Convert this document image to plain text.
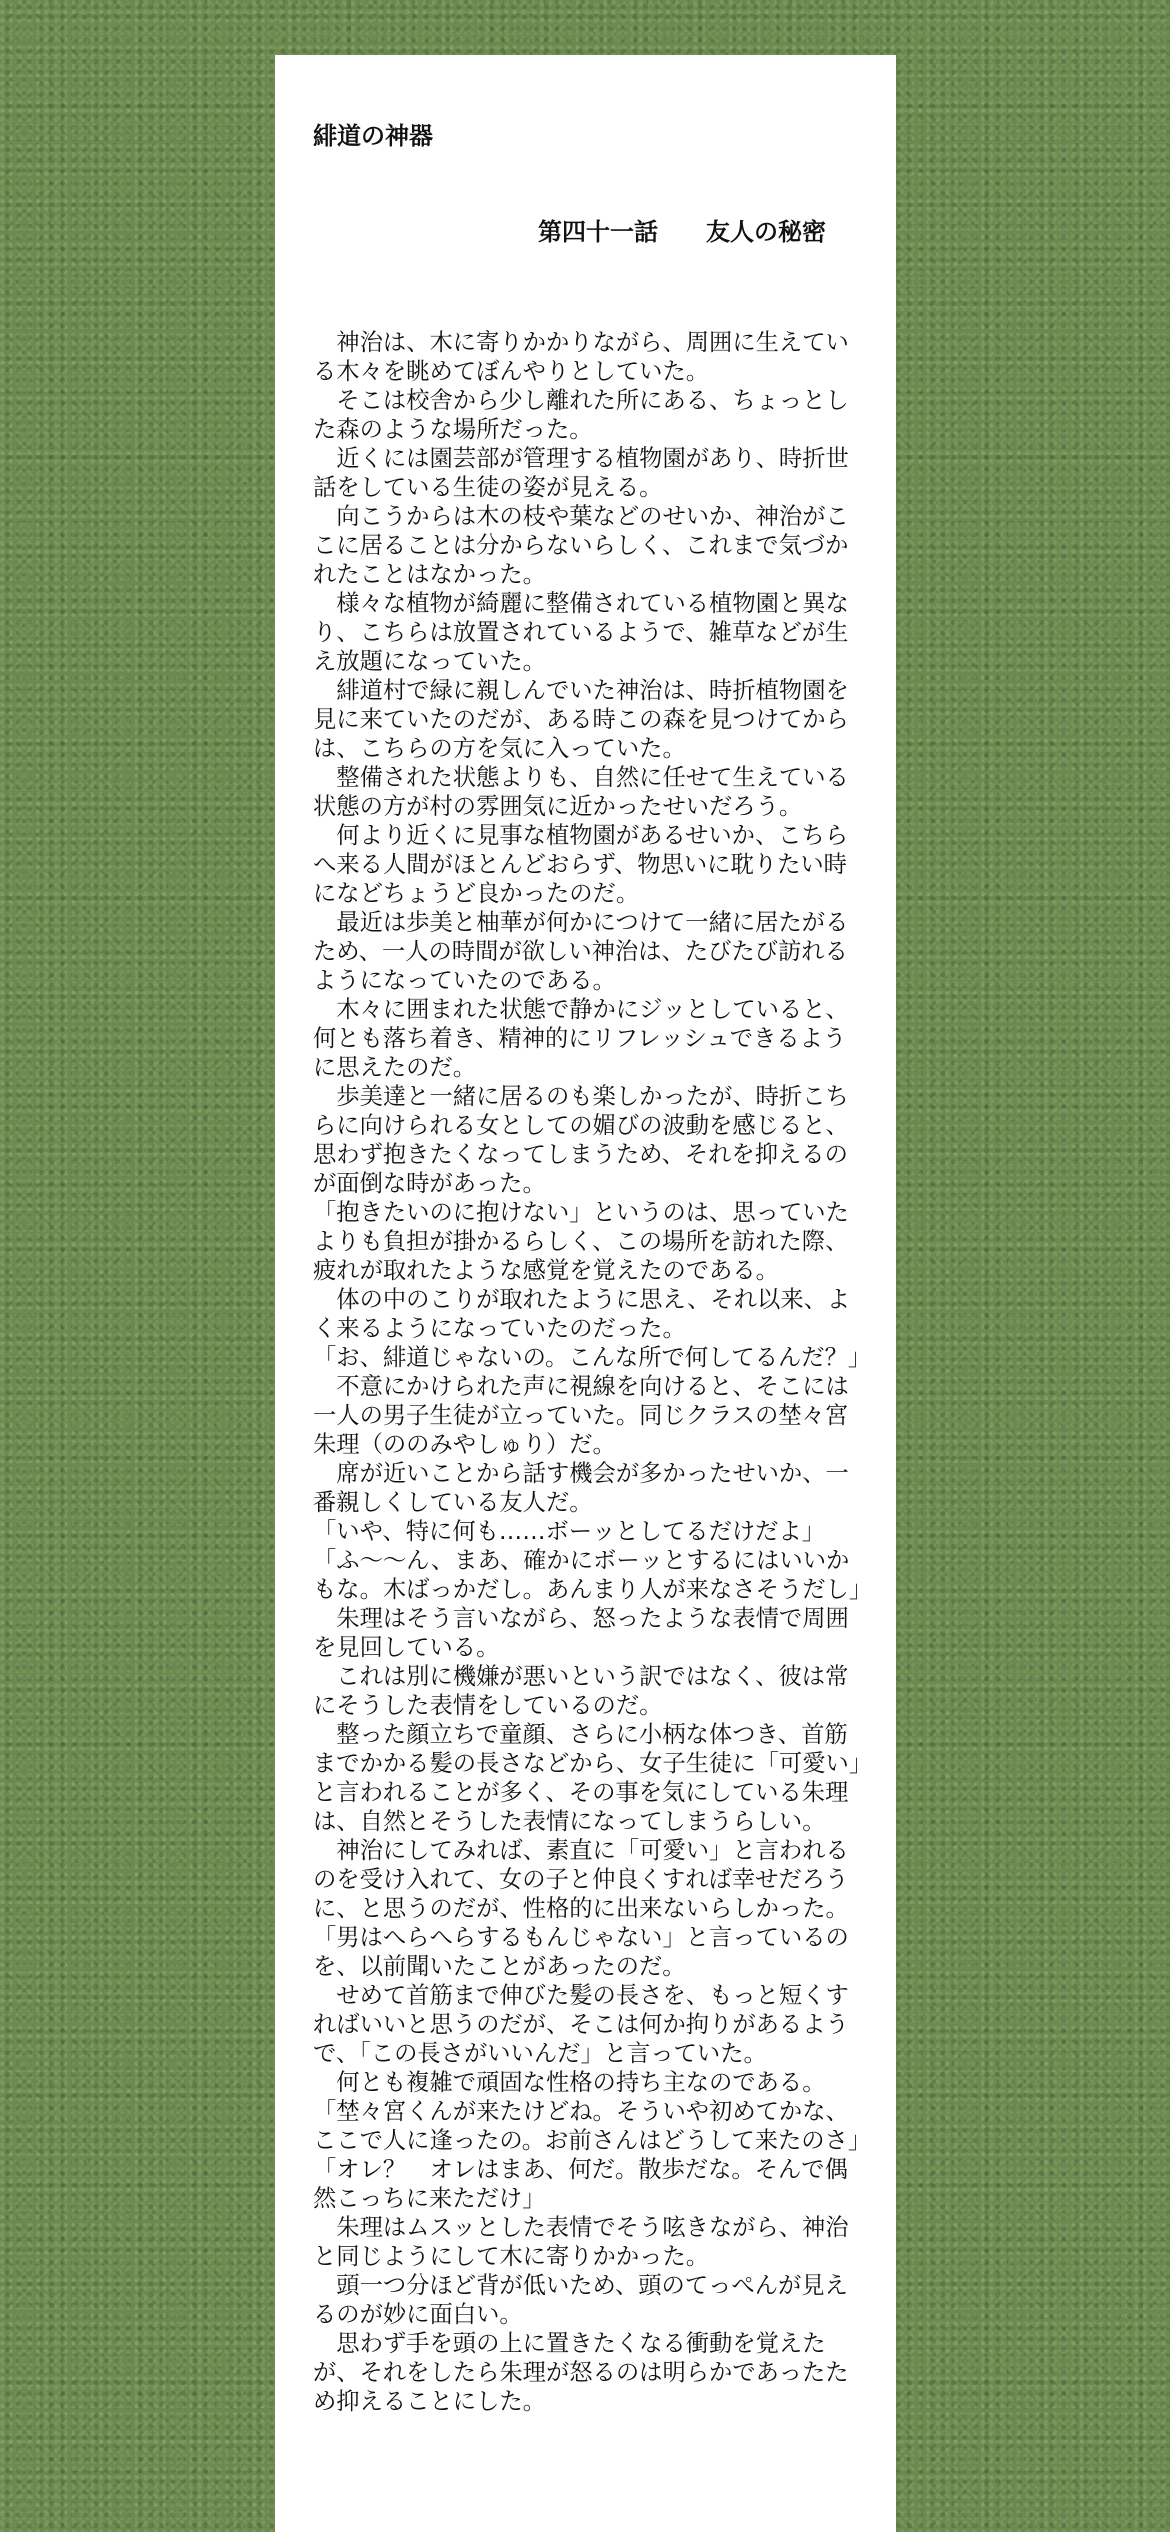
緋道の神器
第四十一話　　友人の秘密

　神治は、木に寄りかかりながら、周囲に生えている木々を眺めてぼんやりとしていた。

　そこは校舎から少し離れた所にある、ちょっとした森のような場所だった。

　近くには園芸部が管理する植物園があり、時折世話をしている生徒の姿が見える。

　向こうからは木の枝や葉などのせいか、神治がここに居ることは分からないらしく、これまで気づかれたことはなかった。

　様々な植物が綺麗に整備されている植物園と異なり、こちらは放置されているようで、雑草などが生え放題になっていた。

　緋道村で緑に親しんでいた神治は、時折植物園を見に来ていたのだが、ある時この森を見つけてからは、こちらの方を気に入っていた。

　整備された状態よりも、自然に任せて生えている状態の方が村の雰囲気に近かったせいだろう。

　何より近くに見事な植物園があるせいか、こちらへ来る人間がほとんどおらず、物思いに耽りたい時になどちょうど良かったのだ。

　最近は歩美と柚華が何かにつけて一緒に居たがるため、一人の時間が欲しい神治は、たびたび訪れるようになっていたのである。

　木々に囲まれた状態で静かにジッとしていると、何とも落ち着き、精神的にリフレッシュできるように思えたのだ。

　歩美達と一緒に居るのも楽しかったが、時折こちらに向けられる女としての媚びの波動を感じると、思わず抱きたくなってしまうため、それを抑えるのが面倒な時があった。

「抱きたいのに抱けない」というのは、思っていたよりも負担が掛かるらしく、この場所を訪れた際、疲れが取れたような感覚を覚えたのである。

　体の中のこりが取れたように思え、それ以来、よく来るようになっていたのだった。

「お、緋道じゃないの。こんな所で何してるんだ？」

　不意にかけられた声に視線を向けると、そこには一人の男子生徒が立っていた。同じクラスの埜々宮朱理（ののみやしゅり）だ。

　席が近いことから話す機会が多かったせいか、一番親しくしている友人だ。

「いや、特に何も……ボーッとしてるだけだよ」

「ふ～～ん、まあ、確かにボーッとするにはいいかもな。木ばっかだし。あんまり人が来なさそうだし」

　朱理はそう言いながら、怒ったような表情で周囲を見回している。

　これは別に機嫌が悪いという訳ではなく、彼は常にそうした表情をしているのだ。

　整った顔立ちで童顔、さらに小柄な体つき、首筋までかかる髪の長さなどから、女子生徒に「可愛い」と言われることが多く、その事を気にしている朱理は、自然とそうした表情になってしまうらしい。

　神治にしてみれば、素直に「可愛い」と言われるのを受け入れて、女の子と仲良くすれば幸せだろうに、と思うのだが、性格的に出来ないらしかった。「男はへらへらするもんじゃない」と言っているのを、以前聞いたことがあったのだ。

　せめて首筋まで伸びた髪の長さを、もっと短くすればいいと思うのだが、そこは何か拘りがあるようで、「この長さがいいんだ」と言っていた。

　何とも複雑で頑固な性格の持ち主なのである。

「埜々宮くんが来たけどね。そういや初めてかな、ここで人に逢ったの。お前さんはどうして来たのさ」

「オレ？　オレはまあ、何だ。散歩だな。そんで偶然こっちに来ただけ」

　朱理はムスッとした表情でそう呟きながら、神治と同じようにして木に寄りかかった。

　頭一つ分ほど背が低いため、頭のてっぺんが見えるのが妙に面白い。

　思わず手を頭の上に置きたくなる衝動を覚えたが、それをしたら朱理が怒るのは明らかであったため抑えることにした。
